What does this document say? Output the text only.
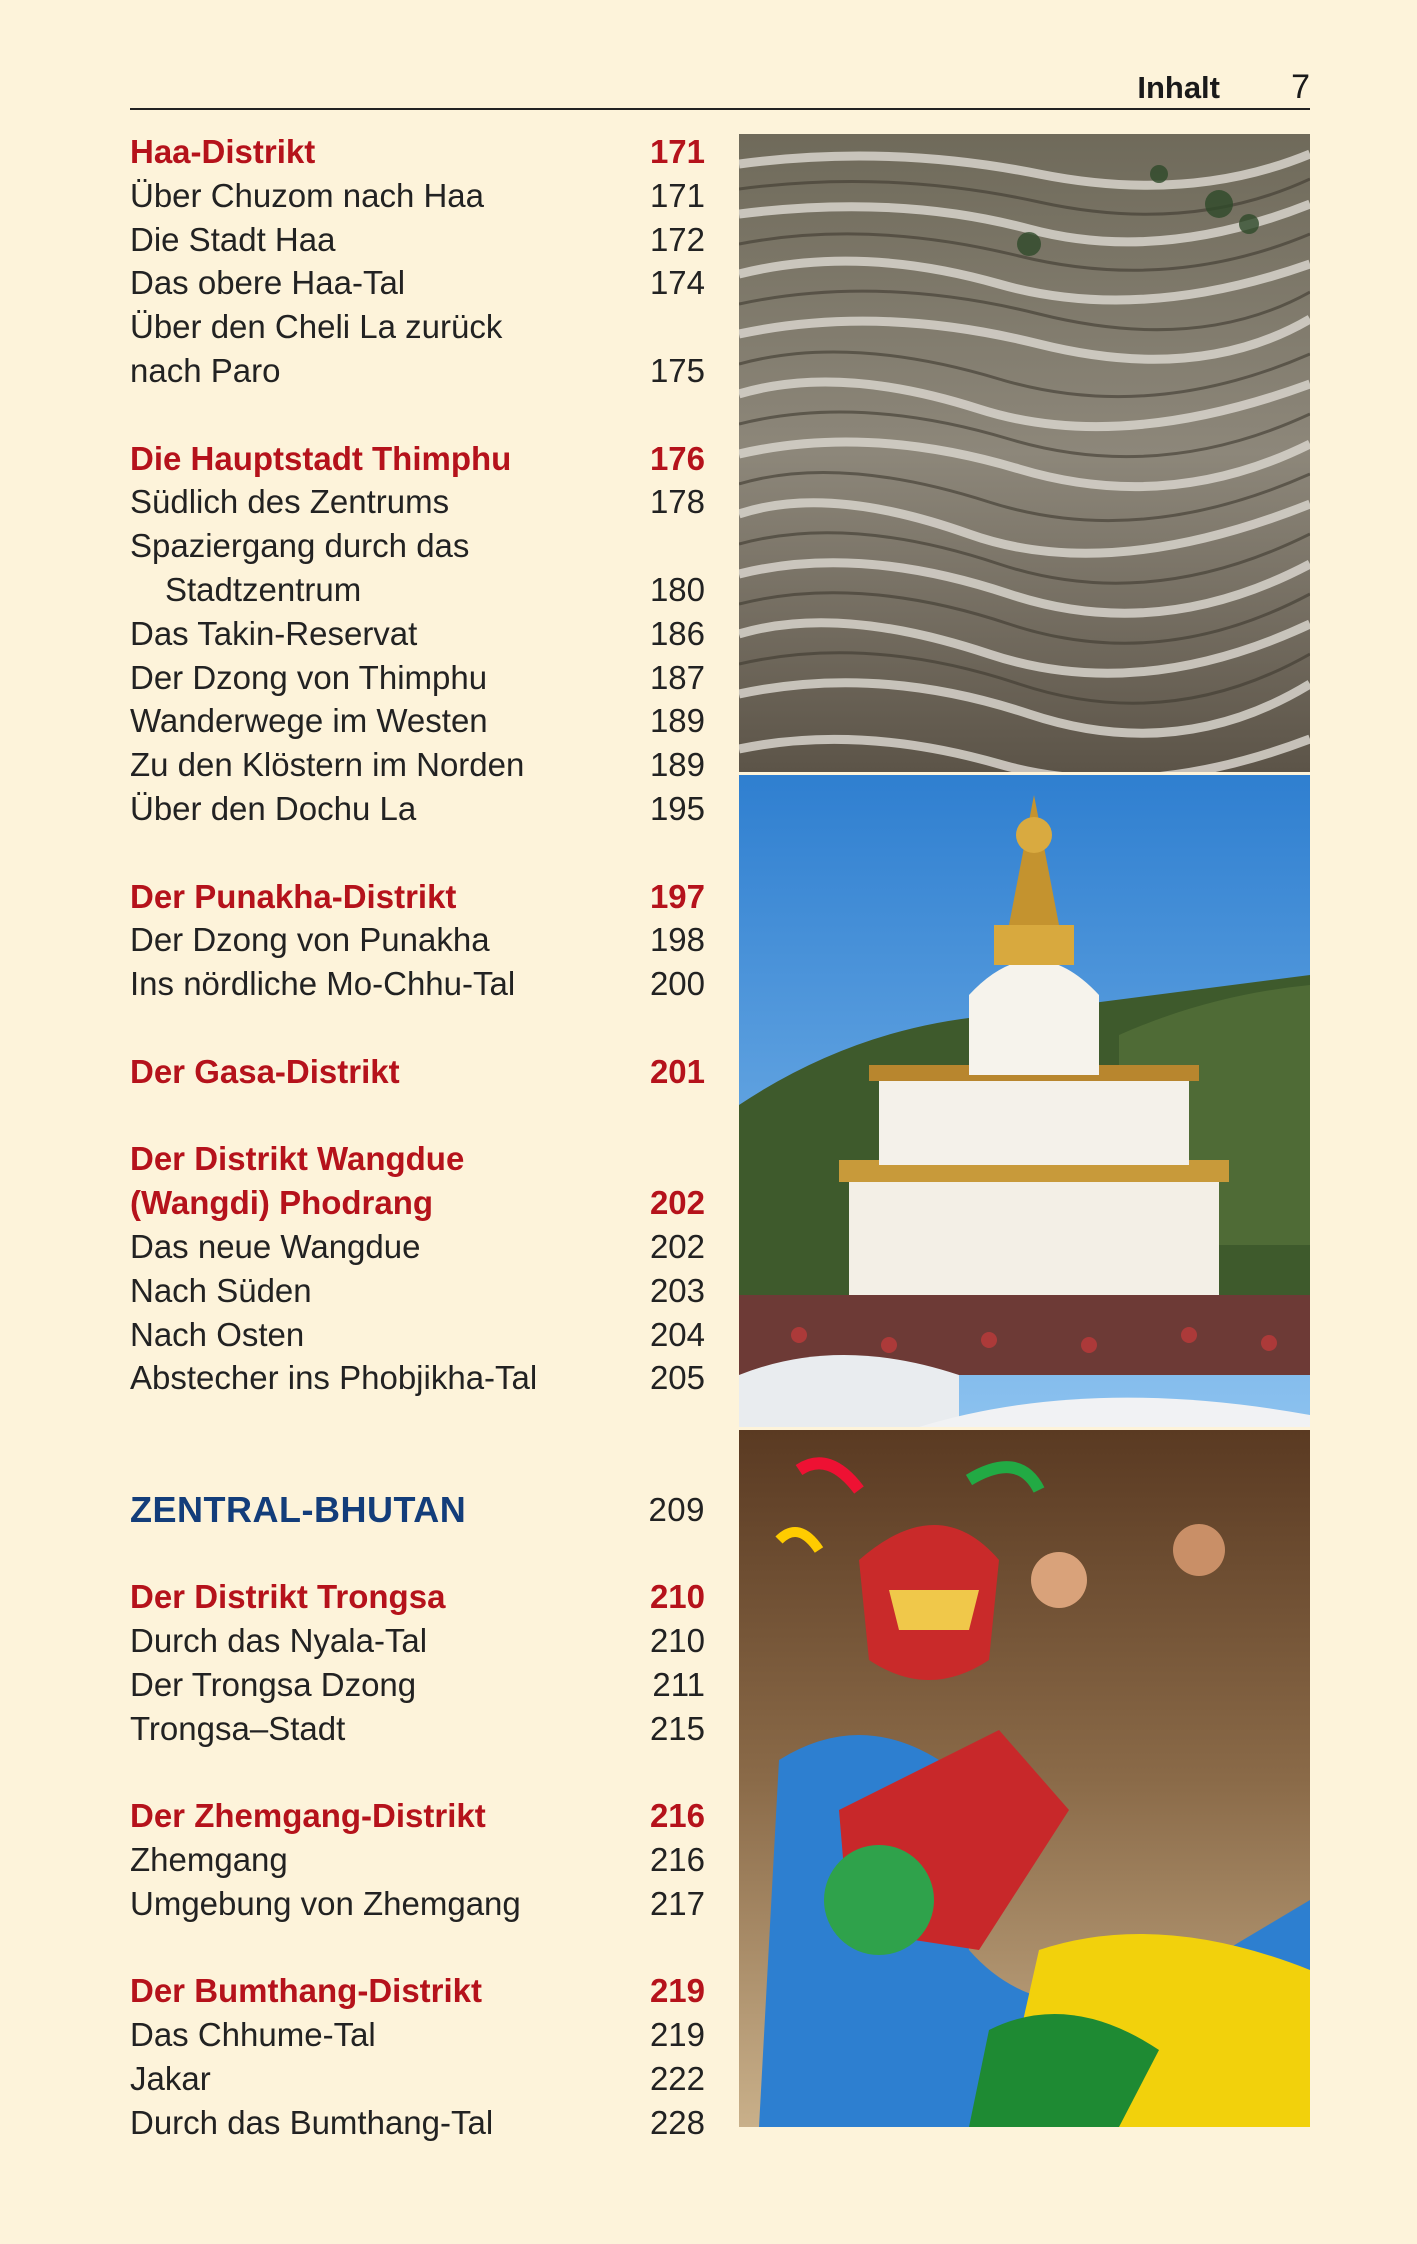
Inhalt 7
Haa-Distrikt	171
Über Chuzom nach Haa	171
Die Stadt Haa	172
Das obere Haa-Tal	174
Über den Cheli La zurück
nach Paro	175
Die Hauptstadt Thimphu	176
Südlich des Zentrums	178
Spaziergang durch das
Stadtzentrum	180
Das Takin-Reservat	186
Der Dzong von Thimphu	187
Wanderwege im Westen	189
Zu den Klöstern im Norden	189
Über den Dochu La	195
Der Punakha-Distrikt	197
Der Dzong von Punakha	198
Ins nördliche Mo-Chhu-Tal	200
Der Gasa-Distrikt	201
Der Distrikt Wangdue
(Wangdi) Phodrang	202
Das neue Wangdue	202
Nach Süden	203
Nach Osten	204
Abstecher ins Phobjikha-Tal	205
ZENTRAL-BHUTAN	209
Der Distrikt Trongsa	210
Durch das Nyala-Tal	210
Der Trongsa Dzong	211
Trongsa–Stadt	215
Der Zhemgang-Distrikt	216
Zhemgang	216
Umgebung von Zhemgang	217
Der Bumthang-Distrikt	219
Das Chhume-Tal	219
Jakar	222
Durch das Bumthang-Tal	228
